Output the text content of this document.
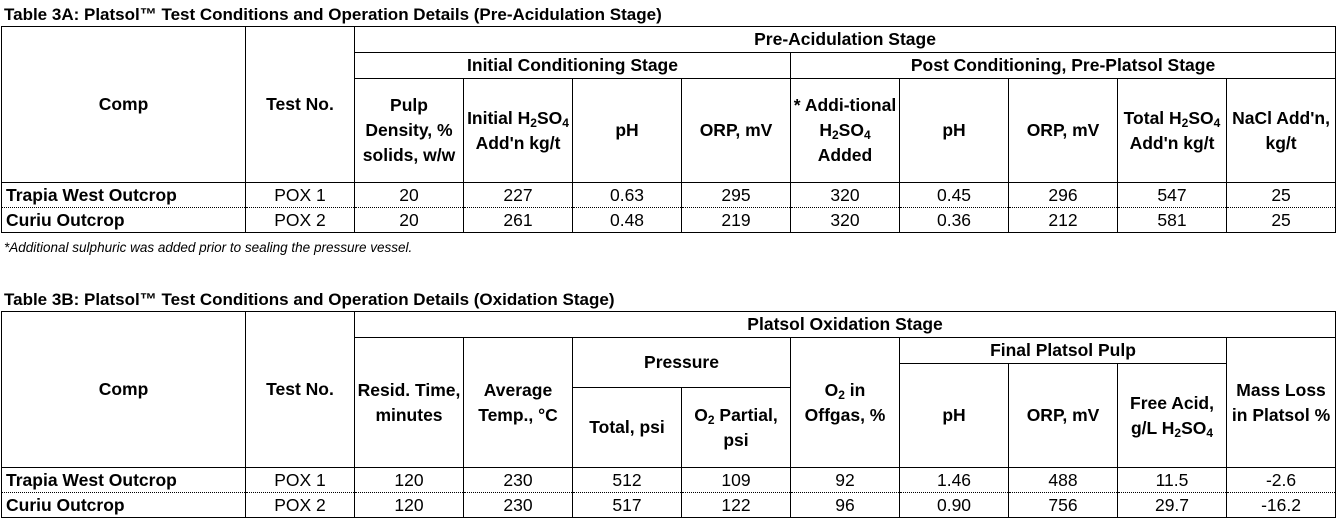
Table 3A: Platsol™ Test Conditions and Operation Details (Pre-Acidulation Stage)
Comp	Test No.	Pre-Acidulation Stage								
		Initial Conditioning Stage				Post Conditioning, Pre-Platsol Stage				
		Pulp Density, % solids, w/w	Initial $H_2SO_4$ Add'n kg/t	pH	ORP, mV	* Addi-tional $H_2SO_4$ Added	pH	ORP, mV	Total $H_2SO_4$ Add'n kg/t	NaCl Add'n, kg/t
Trapia West Outcrop	POX 1	20	227	0.63	295	320	0.45	296	547	25
Curiu Outcrop	POX 2	20	261	0.48	219	320	0.36	212	581	25
*Additional sulphuric was added prior to sealing the pressure vessel.
Table 3B: Platsol™ Test Conditions and Operation Details (Oxidation Stage)
Comp	Test No.	Platsol Oxidation Stage								
		Resid. Time, minutes	Average Temp., °C	Pressure		$O_2$ in Offgas, %	Final Platsol Pulp			Mass Loss in Platsol %
							pH	ORP, mV	Free Acid, g/L $H_2SO_4$
				Total, psi	$O_2$ Partial, psi					
Trapia West Outcrop	POX 1	120	230	512	109	92	1.46	488	11.5	-2.6
Curiu Outcrop	POX 2	120	230	517	122	96	0.90	756	29.7	-16.2
